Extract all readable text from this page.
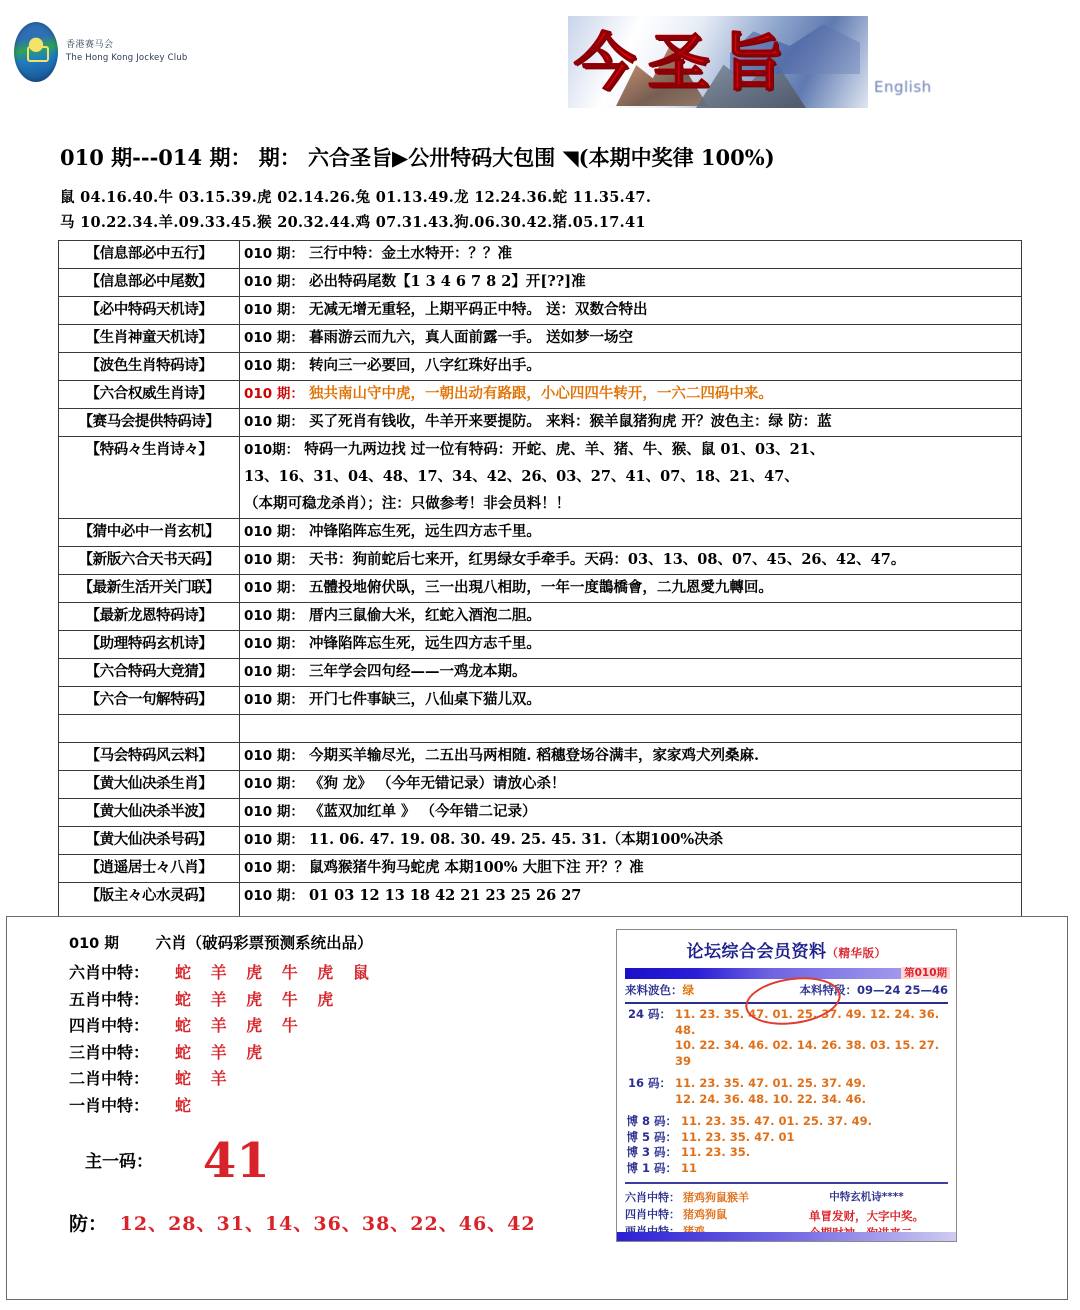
香港赛马会
The Hong Kong Jockey Club	今圣旨	English
010 期---014 期： 期： 六合圣旨▶公卅特码大包围 ◥(本期中奖律 100%)
鼠 04.16.40.牛 03.15.39.虎 02.14.26.兔 01.13.49.龙 12.24.36.蛇 11.35.47.
马 10.22.34.羊.09.33.45.猴 20.32.44.鸡 07.31.43.狗.06.30.42.猪.05.17.41
【信息部必中五行】	010 期： 三行中特：金土水特开：？？准
【信息部必中尾数】	010 期： 必出特码尾数【1 3 4 6 7 8 2】开[??]准
【必中特码天机诗】	010 期： 无减无增无重轻，上期平码正中特。 送：双数合特出
【生肖神童天机诗】	010 期： 暮雨游云而九六，真人面前露一手。 送如梦一场空
【波色生肖特码诗】	010 期： 转向三一必要回，八字红珠好出手。
【六合权威生肖诗】	010 期： 独共南山守中虎，一朝出动有路跟，小心四四牛转开，一六二四码中来。
【赛马会提供特码诗】	010 期： 买了死肖有钱收，牛羊开来要提防。 来料：猴羊鼠猪狗虎 开？波色主：绿 防：蓝
【特码々生肖诗々】	010期： 特码一九两边找 过一位有特码：开蛇、虎、羊、猪、牛、猴、鼠 01、03、21、
	13、16、31、04、48、17、34、42、26、03、27、41、07、18、21、47、
	（本期可稳龙杀肖）；注：只做参考！非会员料！！
【猜中必中一肖玄机】	010 期： 冲锋陷阵忘生死，远生四方志千里。
【新版六合天书天码】	010 期： 天书：狗前蛇后七来开，红男绿女手牵手。天码：03、13、08、07、45、26、42、47。
【最新生活开关门联】	010 期： 五體投地俯伏臥，三一出現八相助，一年一度鵲橋會，二九恩愛九轉回。
【最新龙恩特码诗】	010 期： 厝内三鼠偷大米，红蛇入酒泡二胆。
【助理特码玄机诗】	010 期： 冲锋陷阵忘生死，远生四方志千里。
【六合特码大竞猜】	010 期： 三年学会四句经——一鸡龙本期。
【六合一句解特码】	010 期： 开门七件事缺三，八仙桌下猫儿双。

【马会特码风云料】	010 期： 今期买羊输尽光，二五出马两相随. 稻穗登场谷满丰，家家鸡犬列桑麻.
【黄大仙决杀生肖】	010 期： 《狗 龙》 （今年无错记录）请放心杀！
【黄大仙决杀半波】	010 期： 《蓝双加红单 》 （今年错二记录）
【黄大仙决杀号码】	010 期： 11. 06. 47. 19. 08. 30. 49. 25. 45. 31.（本期100%决杀
【逍遥居士々八肖】	010 期： 鼠鸡猴猪牛狗马蛇虎 本期100% 大胆下注 开？？准
【版主々心水灵码】	010 期： 01 03 12 13 18 42 21 23 25 26 27

010 期 六肖（破码彩票预测系统出品）
六肖中特： 蛇 羊 虎 牛 虎 鼠
五肖中特： 蛇 羊 虎 牛 虎
四肖中特： 蛇 羊 虎 牛
三肖中特： 蛇 羊 虎
二肖中特： 蛇 羊
一肖中特： 蛇
主一码： 41
防： 12、28、31、14、36、38、22、46、42
论坛综合会员资料（精华版）
第010期
来料波色：绿	本料特段：09—24 25—46
24 码： 11. 23. 35. 47. 01. 25. 37. 49. 12. 24. 36. 48.
10. 22. 34. 46. 02. 14. 26. 38. 03. 15. 27. 39
16 码： 11. 23. 35. 47. 01. 25. 37. 49.
12. 24. 36. 48. 10. 22. 34. 46.
博 8 码： 11. 23. 35. 47. 01. 25. 37. 49.
博 5 码： 11. 23. 35. 47. 01
博 3 码： 11. 23. 35.
博 1 码： 11
六肖中特： 猪鸡狗鼠猴羊
四肖中特： 猪鸡狗鼠
中特玄机诗****
单冒发财，大字中奖。
